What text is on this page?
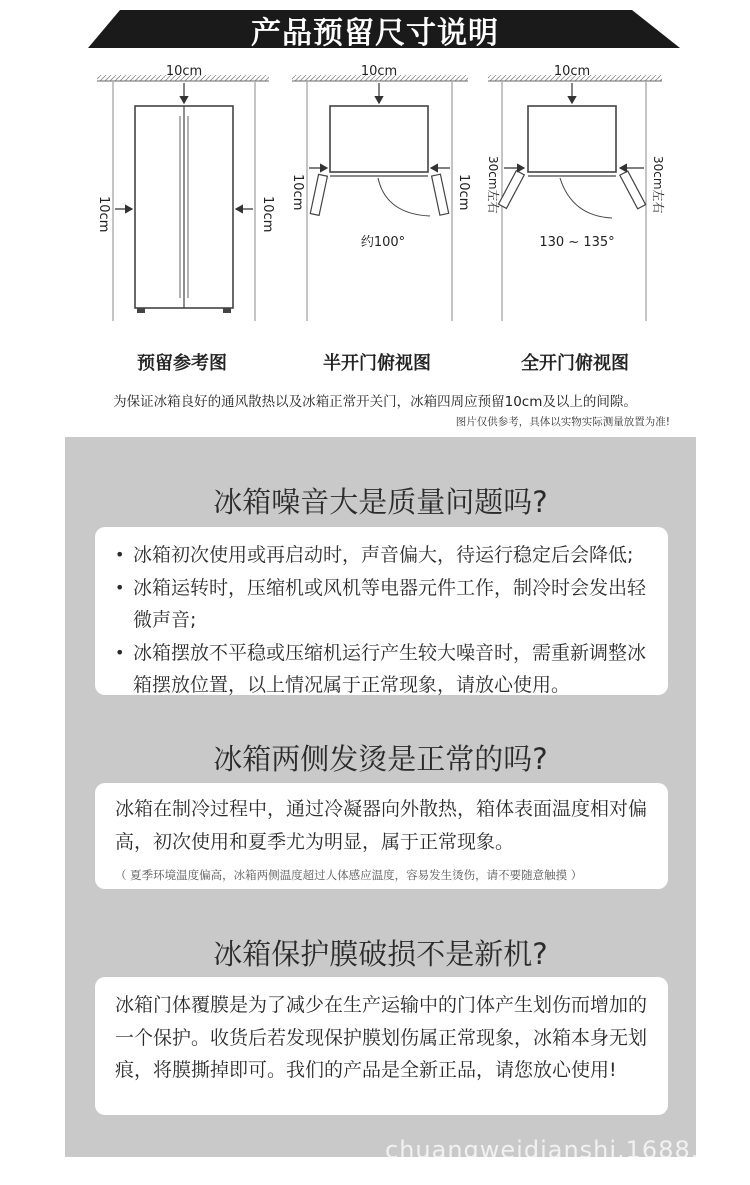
产品预留尺寸说明
10cm
10cm	10cm
10cm
10cm	10cm
约100°
10cm
30cm左右	30cm左右
130 ~ 135°
预留参考图	半开门俯视图	全开门俯视图
为保证冰箱良好的通风散热以及冰箱正常开关门，冰箱四周应预留10cm及以上的间隙。
图片仅供参考，具体以实物实际测量放置为准!
冰箱噪音大是质量问题吗?
• 冰箱初次使用或再启动时，声音偏大，待运行稳定后会降低;
• 冰箱运转时，压缩机或风机等电器元件工作，制冷时会发出轻微声音;
• 冰箱摆放不平稳或压缩机运行产生较大噪音时，需重新调整冰箱摆放位置，以上情况属于正常现象，请放心使用。
冰箱两侧发烫是正常的吗?
冰箱在制冷过程中，通过冷凝器向外散热，箱体表面温度相对偏高，初次使用和夏季尤为明显，属于正常现象。
（ 夏季环境温度偏高，冰箱两侧温度超过人体感应温度，容易发生烫伤，请不要随意触摸 ）
冰箱保护膜破损不是新机?
冰箱门体覆膜是为了减少在生产运输中的门体产生划伤而增加的一个保护。收货后若发现保护膜划伤属正常现象，冰箱本身无划痕，将膜撕掉即可。我们的产品是全新正品，请您放心使用!
chuangweidianshi.1688.co
